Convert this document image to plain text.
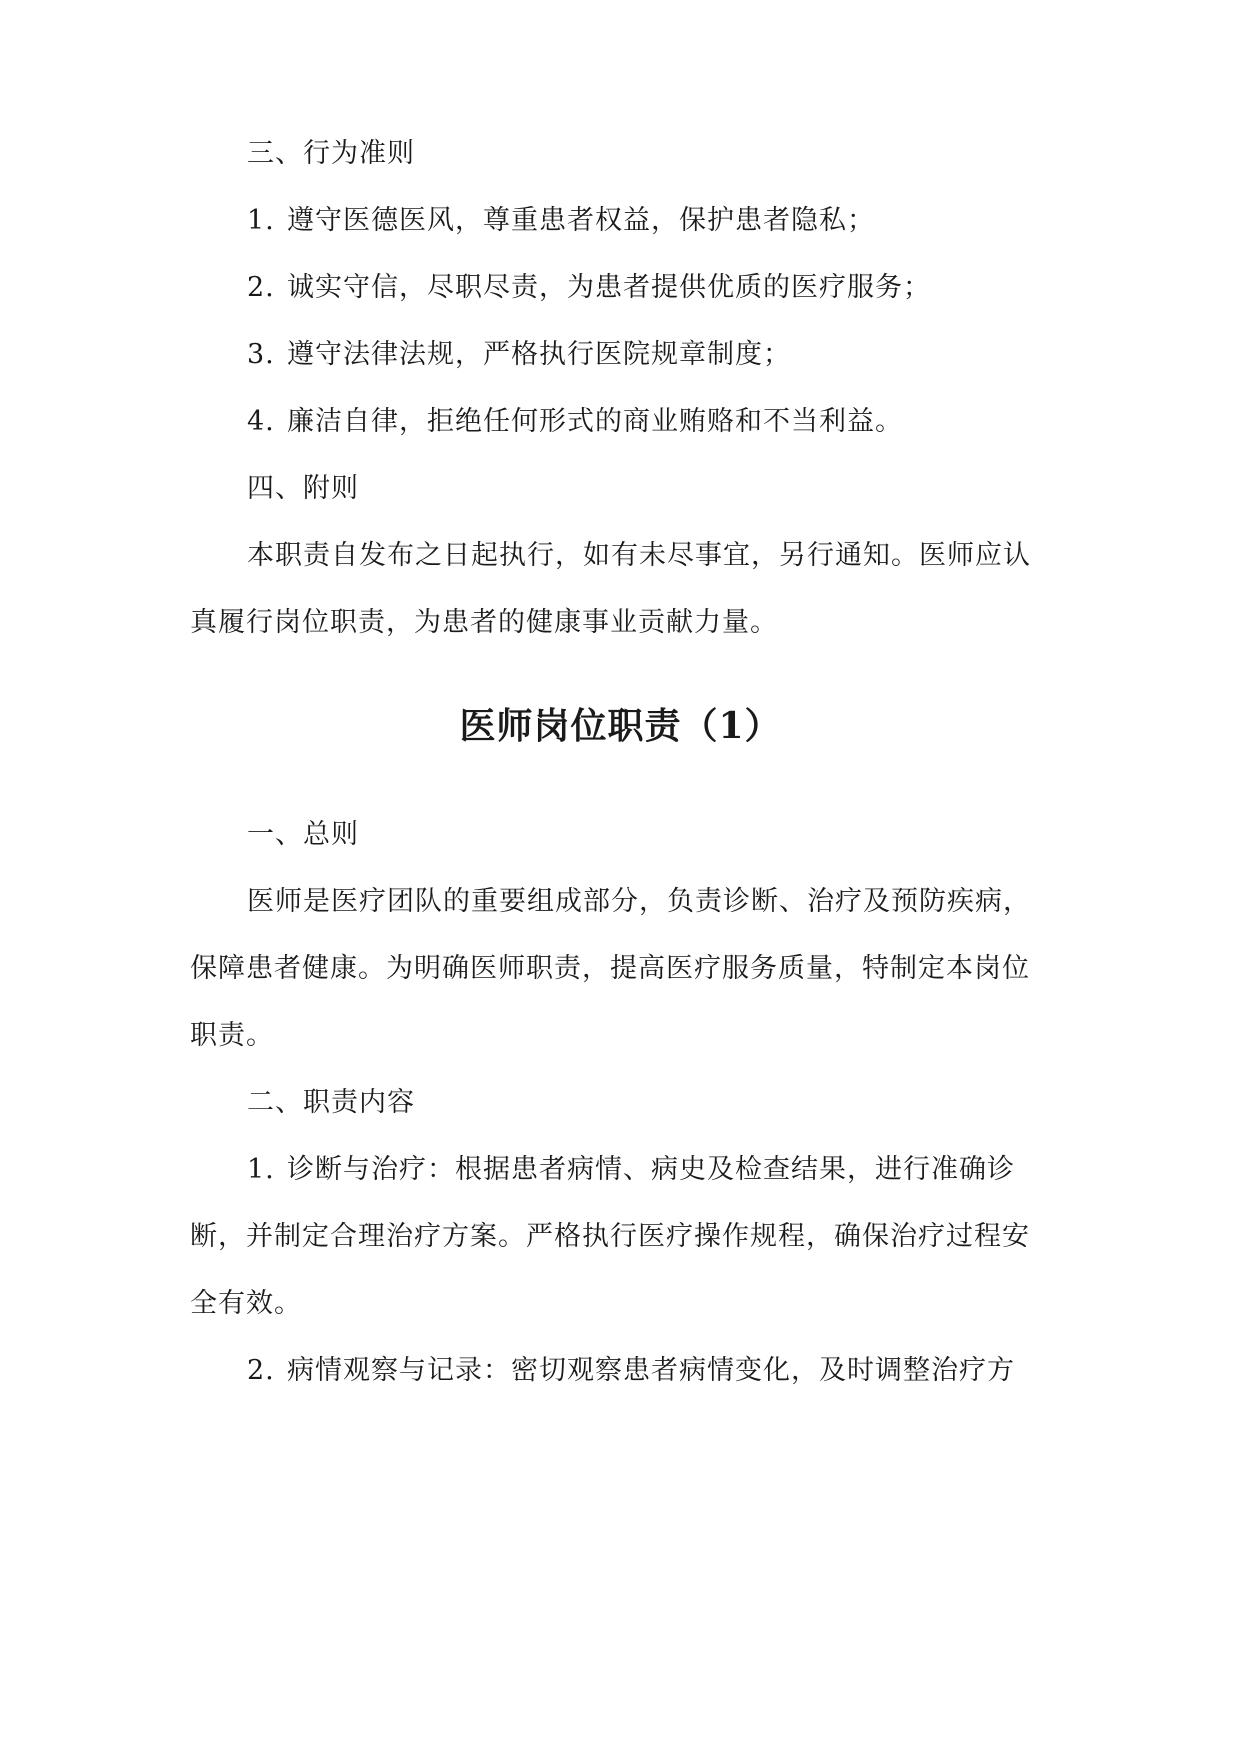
三、行为准则
1. 遵守医德医风，尊重患者权益，保护患者隐私；
2. 诚实守信，尽职尽责，为患者提供优质的医疗服务；
3. 遵守法律法规，严格执行医院规章制度；
4. 廉洁自律，拒绝任何形式的商业贿赂和不当利益。
四、附则
本职责自发布之日起执行，如有未尽事宜，另行通知。医师应认
真履行岗位职责，为患者的健康事业贡献力量。
医师岗位职责（1）
一、总则
医师是医疗团队的重要组成部分，负责诊断、治疗及预防疾病，
保障患者健康。为明确医师职责，提高医疗服务质量，特制定本岗位
职责。
二、职责内容
1. 诊断与治疗：根据患者病情、病史及检查结果，进行准确诊
断，并制定合理治疗方案。严格执行医疗操作规程，确保治疗过程安
全有效。
2. 病情观察与记录：密切观察患者病情变化，及时调整治疗方
